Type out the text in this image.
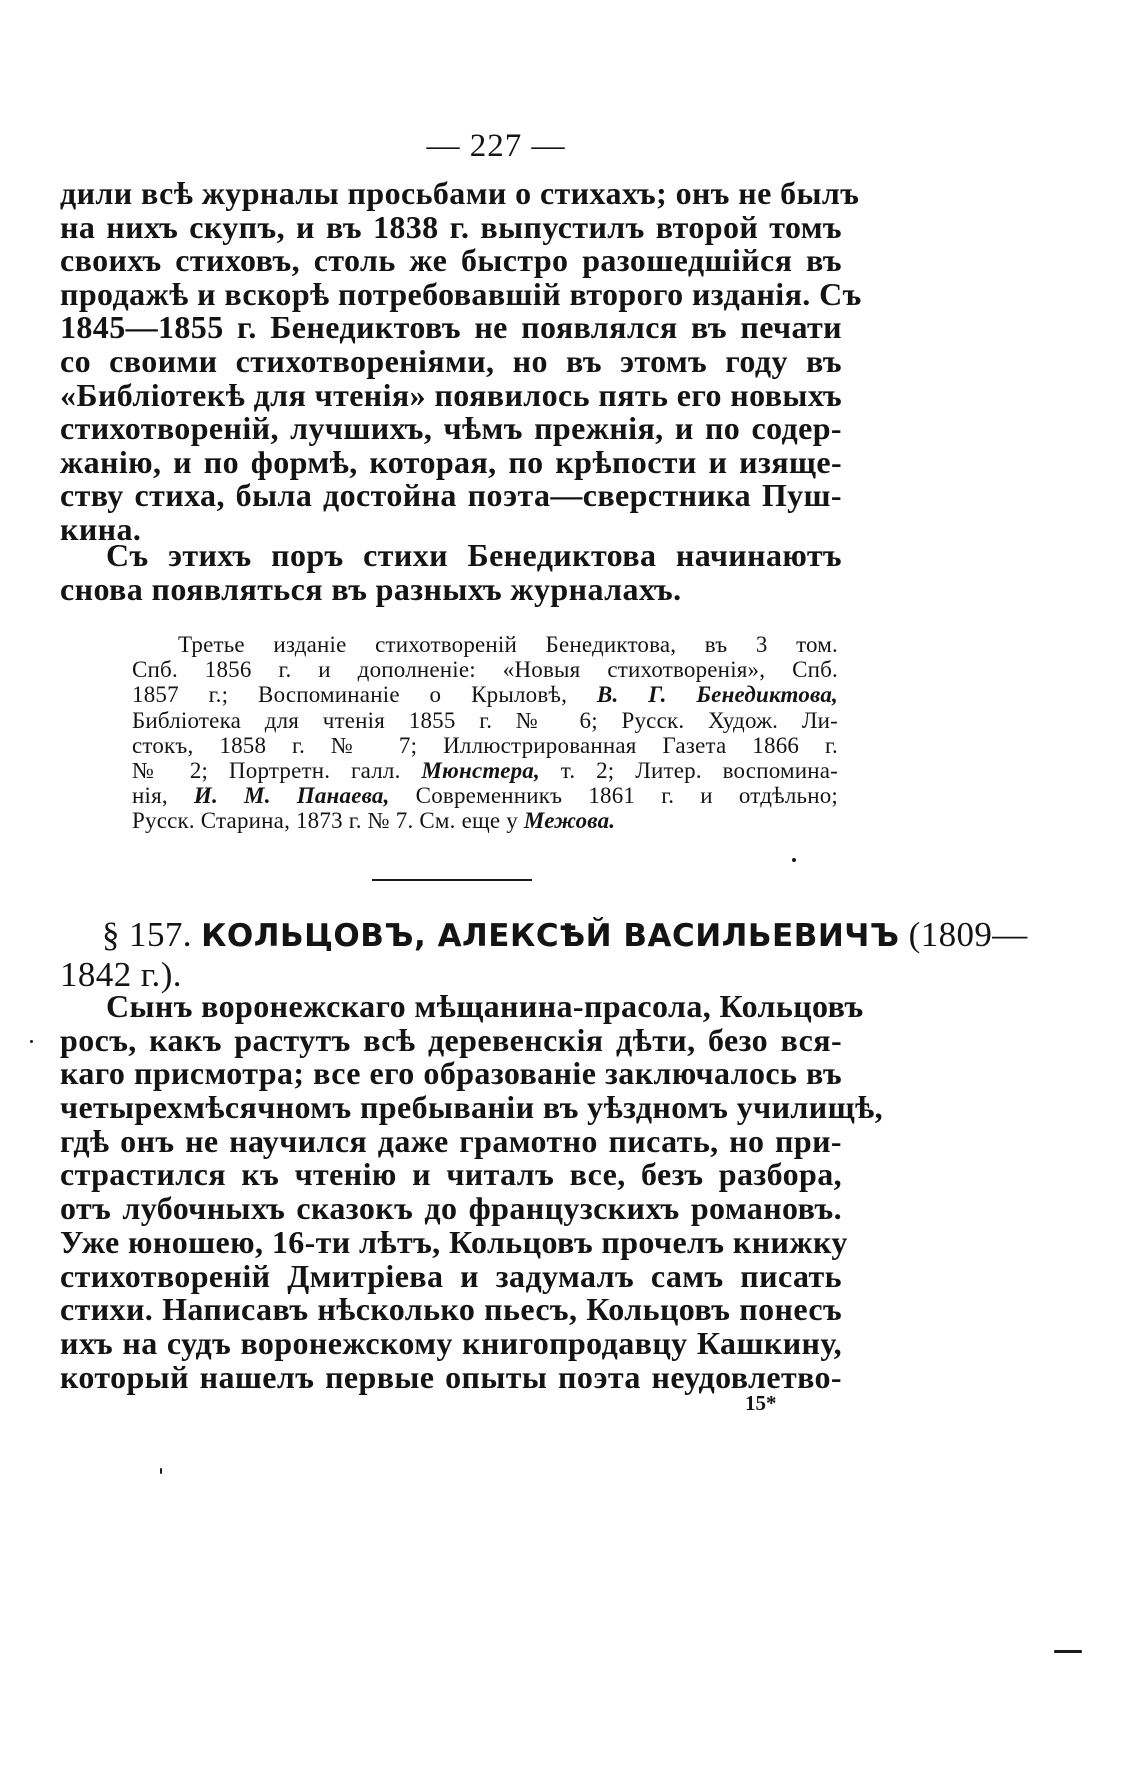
— 227 —
дили всѣ журналы просьбами о стихахъ; онъ не былъ
на нихъ скупъ, и въ 1838 г. выпустилъ второй томъ
своихъ стиховъ, столь же быстро разошедшійся въ
продажѣ и вскорѣ потребовавшій второго изданія. Съ
1845—1855 г. Бенедиктовъ не появлялся въ печати
со своими стихотвореніями, но въ этомъ году въ
«Библіотекѣ для чтенія» появилось пять его новыхъ
стихотвореній, лучшихъ, чѣмъ прежнія, и по содер-
жанію, и по формѣ, которая, по крѣпости и изяще-
ству стиха, была достойна поэта—сверстника Пуш-
кина.
Съ этихъ поръ стихи Бенедиктова начинаютъ
снова появляться въ разныхъ журналахъ.
Третье изданіе стихотвореній Бенедиктова, въ 3 том.
Спб. 1856 г. и дополненіе: «Новыя стихотворенія», Спб.
1857 г.; Воспоминаніе о Крыловѣ, В. Г. Бенедиктова,
Библіотека для чтенія 1855 г. № 6; Русск. Худож. Ли-
стокъ, 1858 г. № 7; Иллюстрированная Газета 1866 г.
№ 2; Портретн. галл. Мюнстера, т. 2; Литер. воспомина-
нія, И. М. Панаева, Современникъ 1861 г. и отдѣльно;
Русск. Старина, 1873 г. № 7. См. еще у Межова.
§ 157. КОЛЬЦОВЪ, АЛЕКСѢЙ ВАСИЛЬЕВИЧЪ (1809—
1842 г.).
Сынъ воронежскаго мѣщанина-прасола, Кольцовъ
росъ, какъ растутъ всѣ деревенскія дѣти, безо вся-
каго присмотра; все его образованіе заключалось въ
четырехмѣсячномъ пребываніи въ уѣздномъ училищѣ,
гдѣ онъ не научился даже грамотно писать, но при-
страстился къ чтенію и читалъ все, безъ разбора,
отъ лубочныхъ сказокъ до французскихъ романовъ.
Уже юношею, 16-ти лѣтъ, Кольцовъ прочелъ книжку
стихотвореній Дмитріева и задумалъ самъ писать
стихи. Написавъ нѣсколько пьесъ, Кольцовъ понесъ
ихъ на судъ воронежскому книгопродавцу Кашкину,
который нашелъ первые опыты поэта неудовлетво-
15*
